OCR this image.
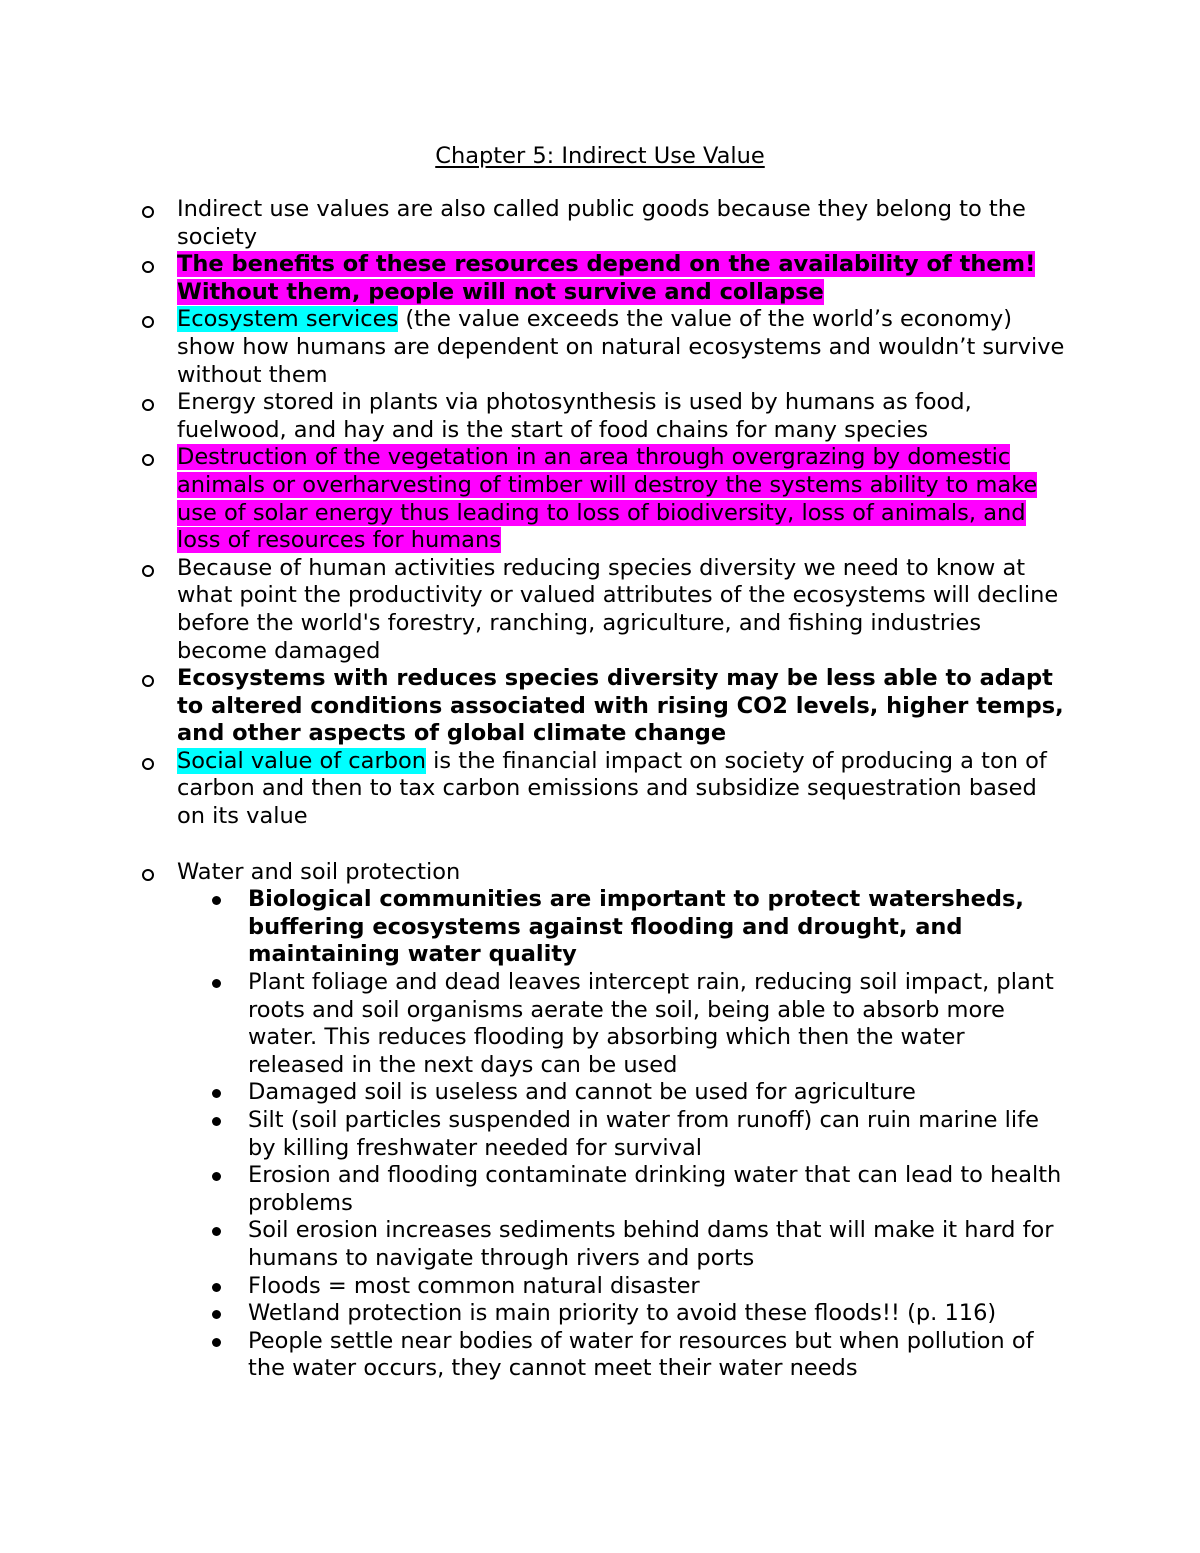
Chapter 5: Indirect Use Value
Indirect use values are also called public goods because they belong to the society
The benefits of these resources depend on the availability of them! Without them, people will not survive and collapse
Ecosystem services (the value exceeds the value of the world’s economy) show how humans are dependent on natural ecosystems and wouldn’t survive without them
Energy stored in plants via photosynthesis is used by humans as food, fuelwood, and hay and is the start of food chains for many species
Destruction of the vegetation in an area through overgrazing by domestic animals or overharvesting of timber will destroy the systems ability to make use of solar energy thus leading to loss of biodiversity, loss of animals, and loss of resources for humans
Because of human activities reducing species diversity we need to know at what point the productivity or valued attributes of the ecosystems will decline before the world's forestry, ranching, agriculture, and fishing industries become damaged
Ecosystems with reduces species diversity may be less able to adapt to altered conditions associated with rising CO2 levels, higher temps, and other aspects of global climate change
Social value of carbon is the financial impact on society of producing a ton of carbon and then to tax carbon emissions and subsidize sequestration based on its value
Water and soil protection
Biological communities are important to protect watersheds, buffering ecosystems against flooding and drought, and maintaining water quality
Plant foliage and dead leaves intercept rain, reducing soil impact, plant roots and soil organisms aerate the soil, being able to absorb more water. This reduces flooding by absorbing which then the water released in the next days can be used
Damaged soil is useless and cannot be used for agriculture
Silt (soil particles suspended in water from runoff) can ruin marine life by killing freshwater needed for survival
Erosion and flooding contaminate drinking water that can lead to health problems
Soil erosion increases sediments behind dams that will make it hard for humans to navigate through rivers and ports
Floods = most common natural disaster
Wetland protection is main priority to avoid these floods!! (p. 116)
People settle near bodies of water for resources but when pollution of the water occurs, they cannot meet their water needs
